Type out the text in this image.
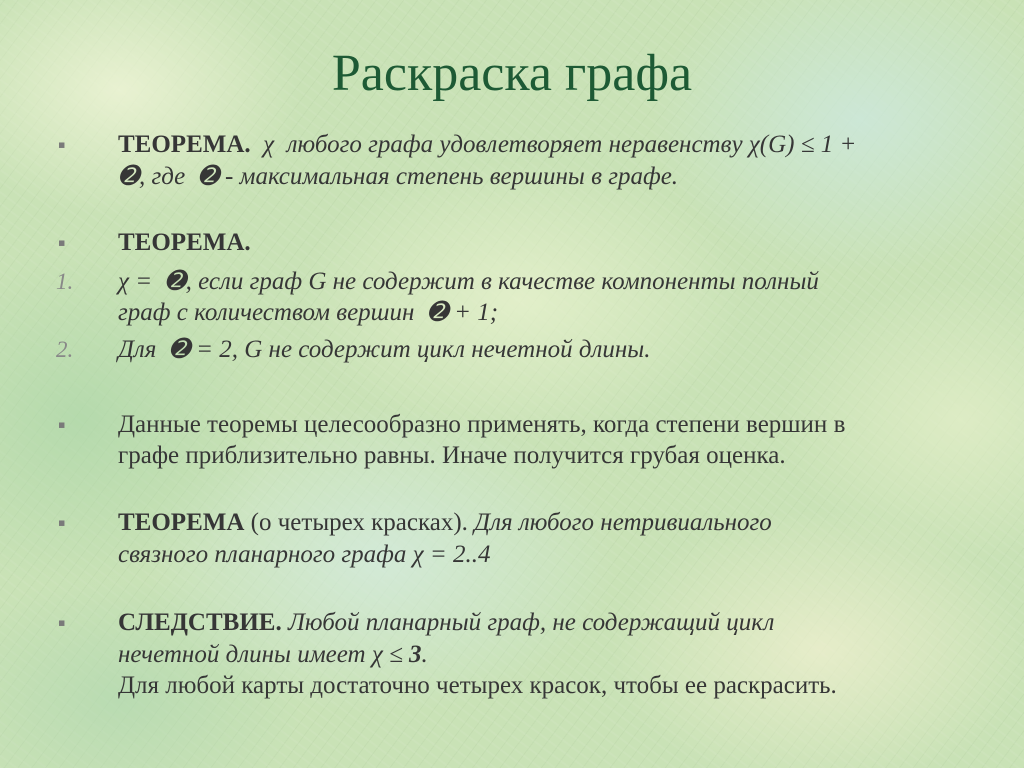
Раскраска графа
▪ ТЕОРЕМА.  χ  любого графа удовлетворяет неравенству χ(G) ≤ 1 +
➋, где  ➋ - максимальная степень вершины в графе.
▪ ТЕОРЕМА.
1. χ =  ➋, если граф G не содержит в качестве компоненты полный
граф с количеством вершин  ➋ + 1;
2. Для  ➋ = 2, G не содержит цикл нечетной длины.
▪ Данные теоремы целесообразно применять, когда степени вершин в
графе приблизительно равны. Иначе получится грубая оценка.
▪ ТЕОРЕМА (о четырех красках). Для любого нетривиального
связного планарного графа χ = 2..4
▪ СЛЕДСТВИЕ. Любой планарный граф, не содержащий цикл
нечетной длины имеет χ ≤ 3.
Для любой карты достаточно четырех красок, чтобы ее раскрасить.
